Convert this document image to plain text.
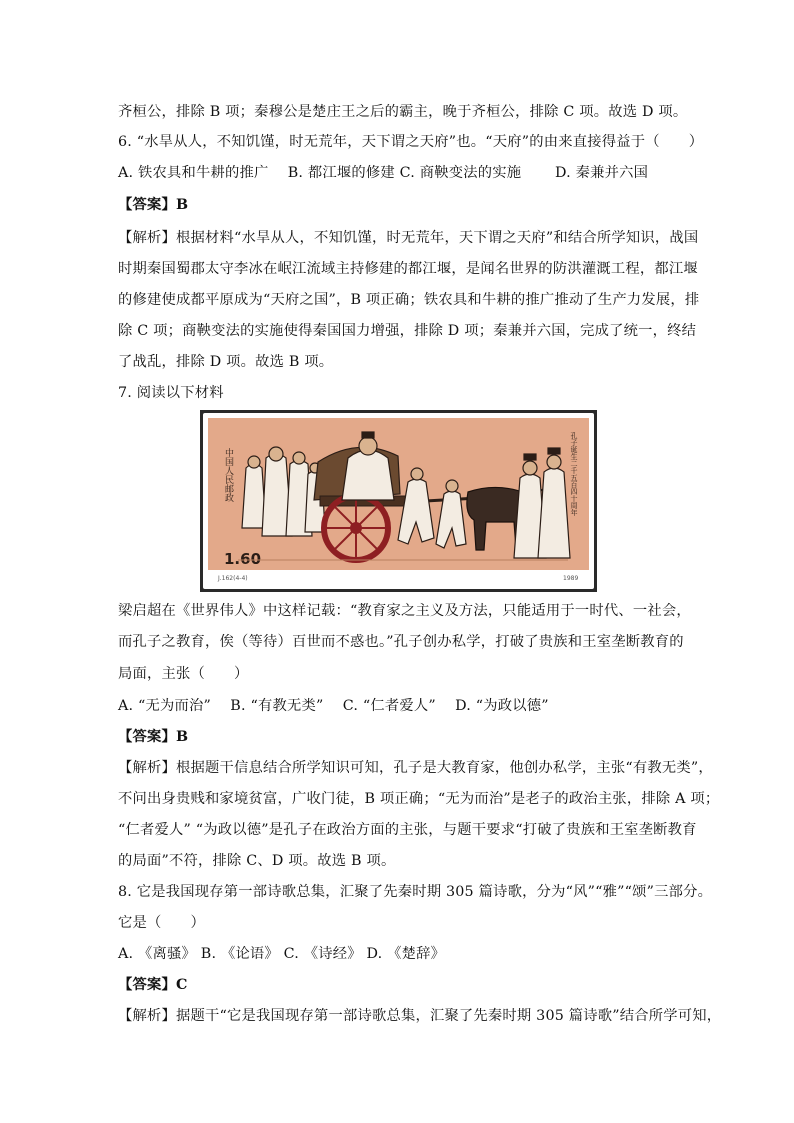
齐桓公，排除 B 项；秦穆公是楚庄王之后的霸主，晚于齐桓公，排除 C 项。故选 D 项。
6. “水旱从人，不知饥馑，时无荒年，天下谓之天府”也。“天府”的由来直接得益于（　　）
A. 铁农具和牛耕的推广　 B. 都江堰的修建 C. 商鞅变法的实施　　 D. 秦兼并六国
【答案】B
【解析】根据材料“水旱从人，不知饥馑，时无荒年，天下谓之天府”和结合所学知识，战国
时期秦国蜀郡太守李冰在岷江流域主持修建的都江堰，是闻名世界的防洪灌溉工程，都江堰
的修建使成都平原成为“天府之国”，B 项正确；铁农具和牛耕的推广推动了生产力发展，排
除 C 项；商鞅变法的实施使得秦国国力增强，排除 D 项；秦兼并六国，完成了统一，终结
了战乱，排除 D 项。故选 B 项。
7. 阅读以下材料
梁启超在《世界伟人》中这样记载：“教育家之主义及方法，只能适用于一时代、一社会，
而孔子之教育，俟（等待）百世而不惑也。”孔子创办私学，打破了贵族和王室垄断教育的
局面，主张（　　）
A. “无为而治”　 B. “有教无类”　 C. “仁者爱人”　 D. “为政以德”
【答案】B
【解析】根据题干信息结合所学知识可知，孔子是大教育家，他创办私学，主张“有教无类”，
不问出身贵贱和家境贫富，广收门徒，B 项正确；“无为而治”是老子的政治主张，排除 A 项；
“仁者爱人” “为政以德”是孔子在政治方面的主张，与题干要求“打破了贵族和王室垄断教育
的局面”不符，排除 C、D 项。故选 B 项。
8. 它是我国现存第一部诗歌总集，汇聚了先秦时期 305 篇诗歌，分为“风”“雅”“颂”三部分。
它是（　　）
A. 《离骚》 B. 《论语》 C. 《诗经》 D. 《楚辞》
【答案】C
【解析】据题干“它是我国现存第一部诗歌总集，汇聚了先秦时期 305 篇诗歌”结合所学可知，
J.162(4-4)	1989
中国人民邮政
1.60
孔子诞生二千五百四十周年
